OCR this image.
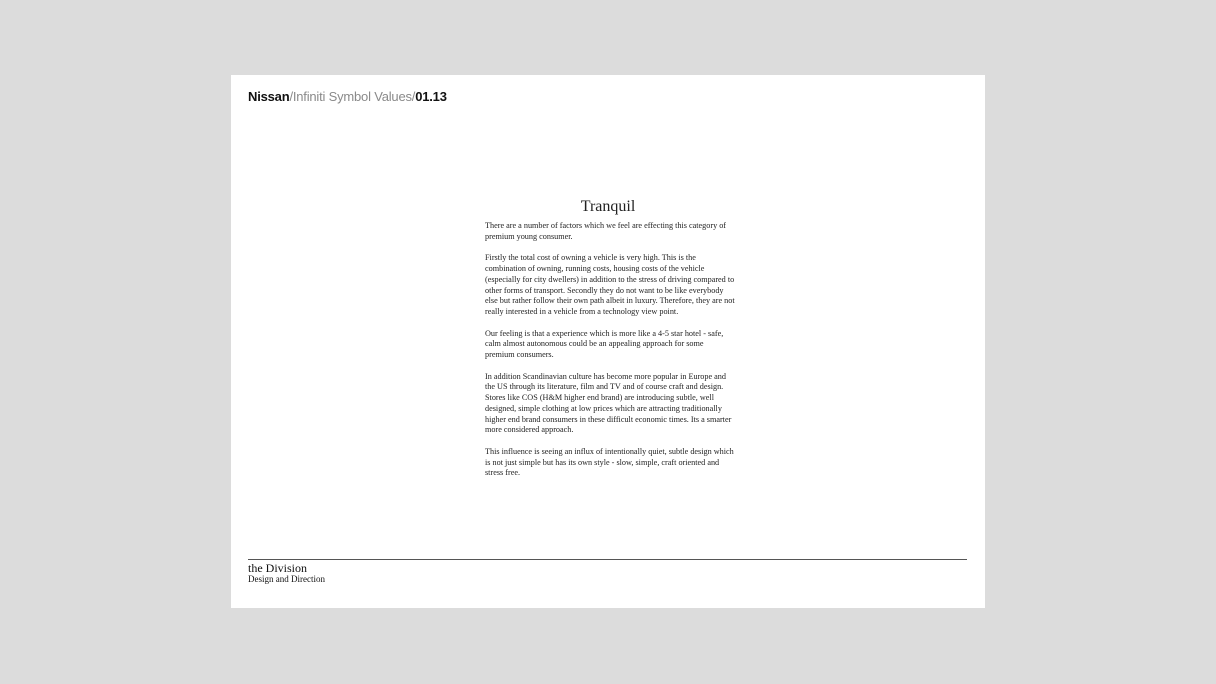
Nissan/Infiniti Symbol Values/01.13
Tranquil

There are a number of factors which we feel are effecting this category of premium young consumer.

Firstly the total cost of owning a vehicle is very high. This is the combination of owning, running costs, housing costs of the vehicle (especially for city dwellers) in addition to the stress of driving compared to other forms of transport. Secondly they do not want to be like everybody else but rather follow their own path albeit in luxury. Therefore, they are not really interested in a vehicle from a technology view point.

Our feeling is that a experience which is more like a 4-5 star hotel - safe, calm almost autonomous could be an appealing approach for some premium consumers.

In addition Scandinavian culture has become more popular in Europe and the US through its literature, film and TV and of course craft and design. Stores like COS (H&M higher end brand) are introducing subtle, well designed, simple clothing at low prices which are attracting traditionally higher end brand consumers in these difficult economic times. Its a smarter more considered approach.

This influence is seeing an influx of intentionally quiet, subtle design which is not just simple but has its own style - slow, simple, craft oriented and stress free.

the Division
Design and Direction
